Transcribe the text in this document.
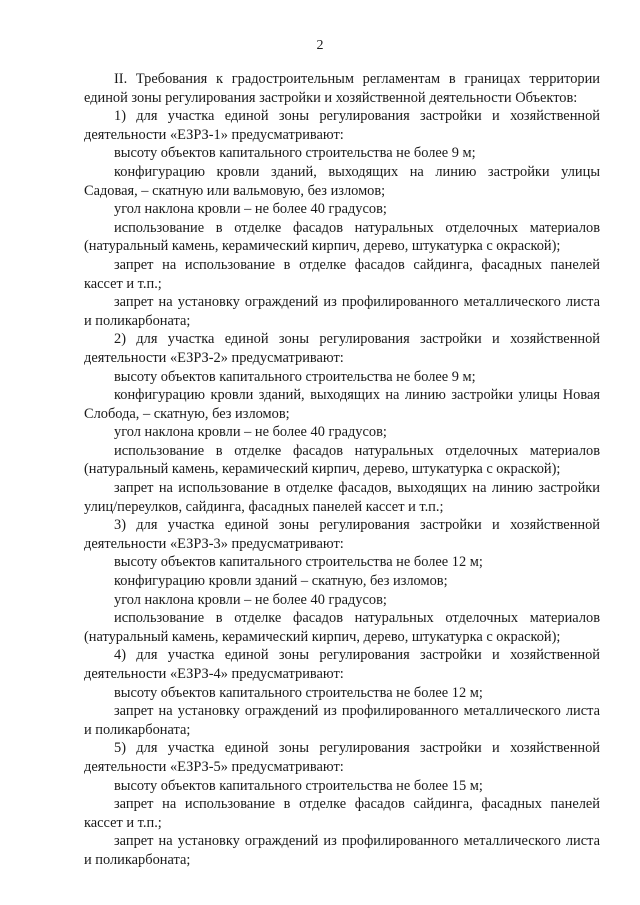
2

II. Требования к градостроительным регламентам в границах территории единой зоны регулирования застройки и хозяйственной деятельности Объектов:

1) для участка единой зоны регулирования застройки и хозяйственной деятельности «ЕЗРЗ-1» предусматривают:

высоту объектов капитального строительства не более 9 м;

конфигурацию кровли зданий, выходящих на линию застройки улицы Садовая, – скатную или вальмовую, без изломов;

угол наклона кровли – не более 40 градусов;

использование в отделке фасадов натуральных отделочных материалов (натуральный камень, керамический кирпич, дерево, штукатурка с окраской);

запрет на использование в отделке фасадов сайдинга, фасадных панелей кассет и т.п.;

запрет на установку ограждений из профилированного металлического листа и поликарбоната;

2) для участка единой зоны регулирования застройки и хозяйственной деятельности «ЕЗРЗ-2» предусматривают:

высоту объектов капитального строительства не более 9 м;

конфигурацию кровли зданий, выходящих на линию застройки улицы Новая Слобода, – скатную, без изломов;

угол наклона кровли – не более 40 градусов;

использование в отделке фасадов натуральных отделочных материалов (натуральный камень, керамический кирпич, дерево, штукатурка с окраской);

запрет на использование в отделке фасадов, выходящих на линию застройки улиц/переулков, сайдинга, фасадных панелей кассет и т.п.;

3) для участка единой зоны регулирования застройки и хозяйственной деятельности «ЕЗРЗ-3» предусматривают:

высоту объектов капитального строительства не более 12 м;

конфигурацию кровли зданий – скатную, без изломов;

угол наклона кровли – не более 40 градусов;

использование в отделке фасадов натуральных отделочных материалов (натуральный камень, керамический кирпич, дерево, штукатурка с окраской);

4) для участка единой зоны регулирования застройки и хозяйственной деятельности «ЕЗРЗ-4» предусматривают:

высоту объектов капитального строительства не более 12 м;

запрет на установку ограждений из профилированного металлического листа и поликарбоната;

5) для участка единой зоны регулирования застройки и хозяйственной деятельности «ЕЗРЗ-5» предусматривают:

высоту объектов капитального строительства не более 15 м;

запрет на использование в отделке фасадов сайдинга, фасадных панелей кассет и т.п.;

запрет на установку ограждений из профилированного металлического листа и поликарбоната;
